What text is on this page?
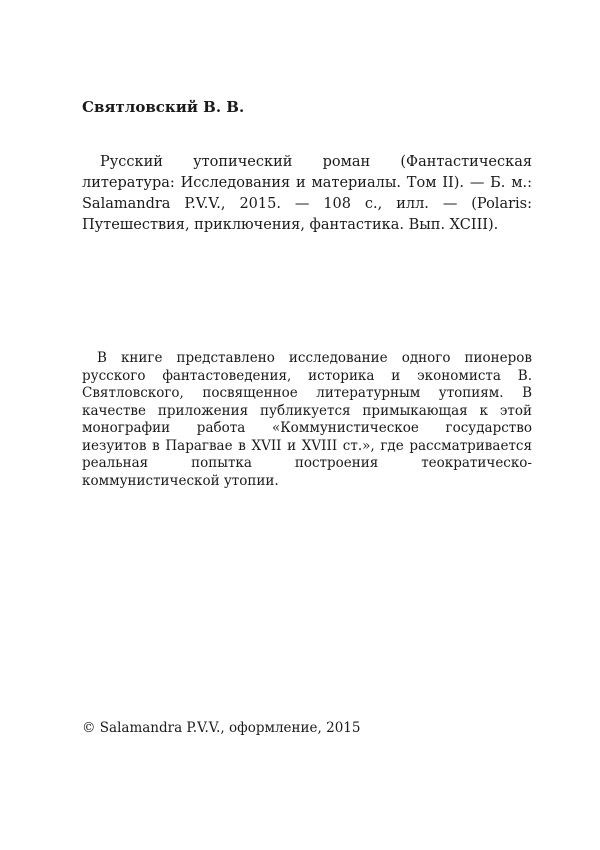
Святловский В. В.

Русский утопический роман (Фантастическая литература: Исследования и материалы. Том II). — Б. м.: Salamandra P.V.V., 2015. — 108 с., илл. — (Polaris: Путешествия, приключения, фантастика. Вып. XCIII).

В книге представлено исследование одного пионеров русского фантастоведения, историка и экономиста В. Святловского, посвященное литературным утопиям. В качестве приложения публикуется примыкающая к этой монографии работа «Коммунистическое государство иезуитов в Парагвае в XVII и XVIII ст.», где рассматривается реальная попытка построения теократическо-коммунистической утопии.

© Salamandra P.V.V., оформление, 2015
